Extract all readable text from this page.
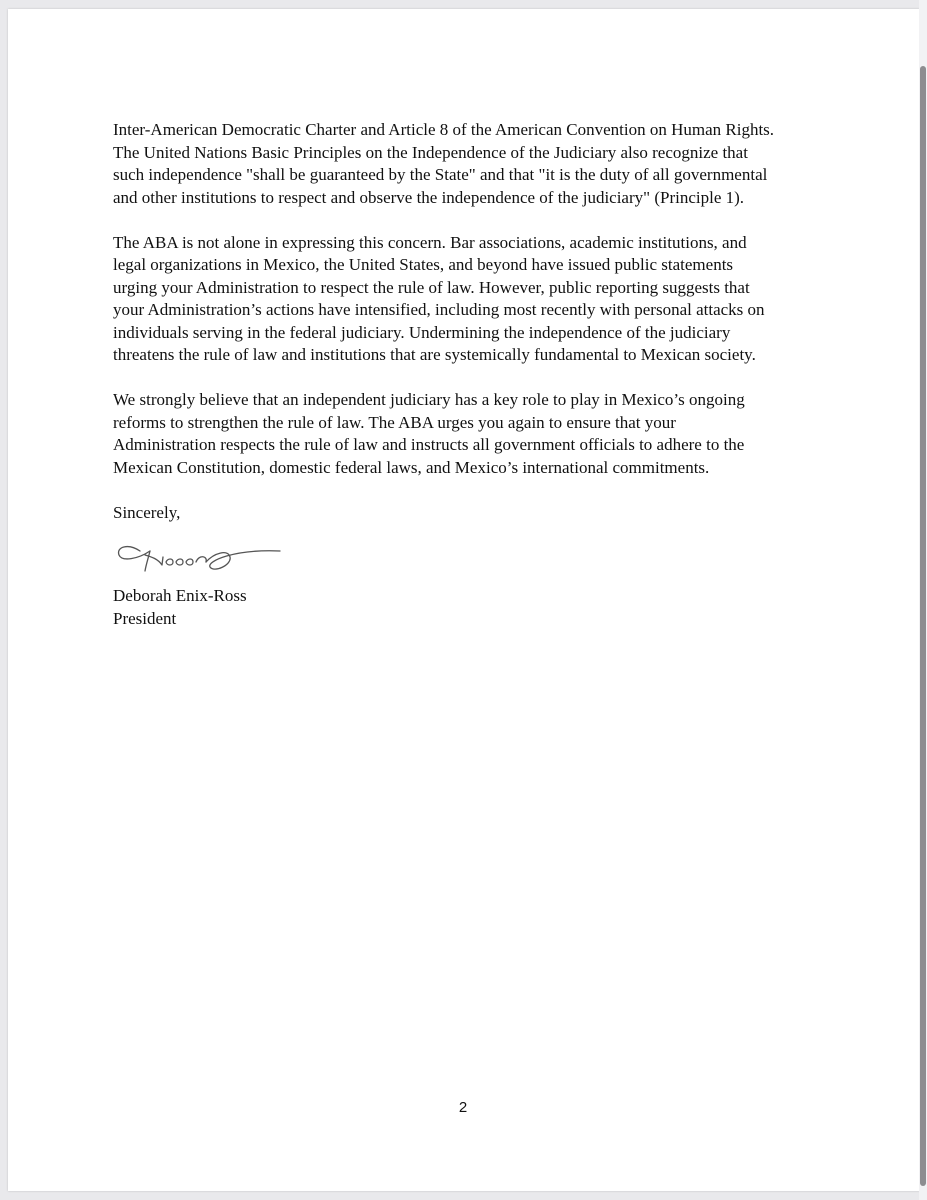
Inter-American Democratic Charter and Article 8 of the American Convention on Human Rights.
The United Nations Basic Principles on the Independence of the Judiciary also recognize that
such independence "shall be guaranteed by the State" and that "it is the duty of all governmental
and other institutions to respect and observe the independence of the judiciary" (Principle 1).

The ABA is not alone in expressing this concern. Bar associations, academic institutions, and
legal organizations in Mexico, the United States, and beyond have issued public statements
urging your Administration to respect the rule of law. However, public reporting suggests that
your Administration’s actions have intensified, including most recently with personal attacks on
individuals serving in the federal judiciary. Undermining the independence of the judiciary
threatens the rule of law and institutions that are systemically fundamental to Mexican society.

We strongly believe that an independent judiciary has a key role to play in Mexico’s ongoing
reforms to strengthen the rule of law. The ABA urges you again to ensure that your
Administration respects the rule of law and instructs all government officials to adhere to the
Mexican Constitution, domestic federal laws, and Mexico’s international commitments.

Sincerely,

Deborah Enix-Ross
President
2
